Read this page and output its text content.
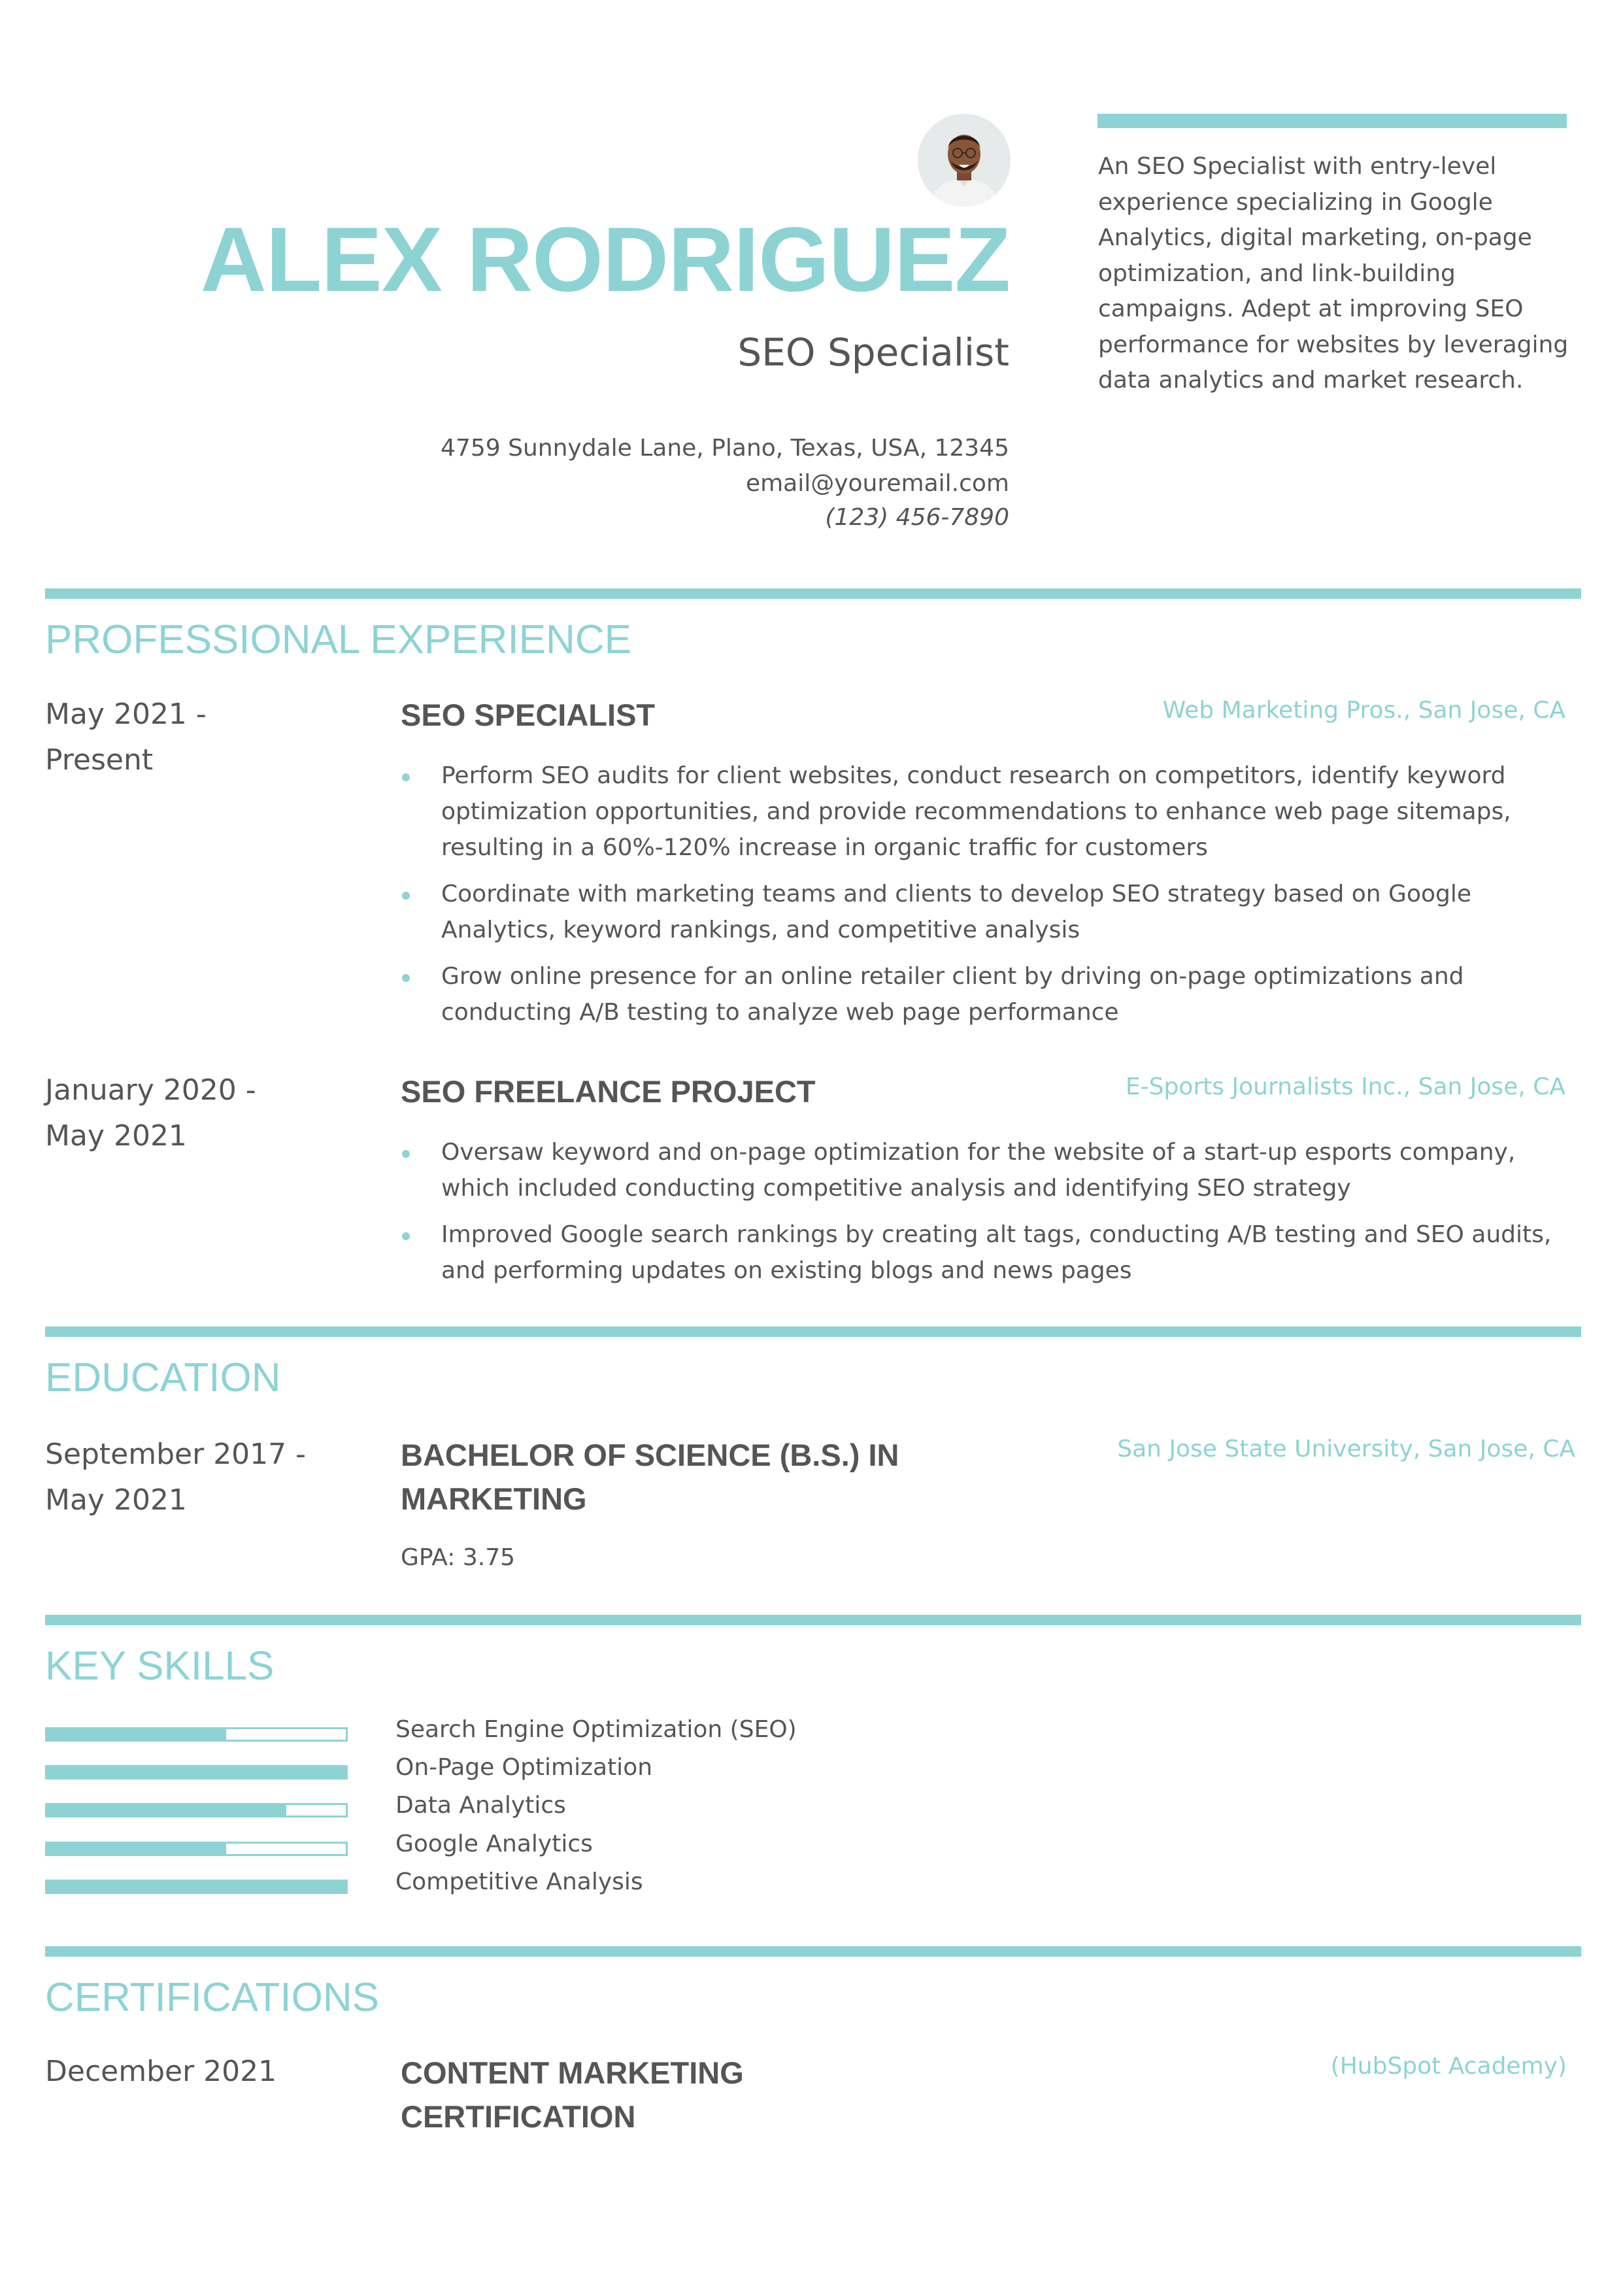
ALEX RODRIGUEZ
SEO Specialist
4759 Sunnydale Lane, Plano, Texas, USA, 12345
email@youremail.com
(123) 456-7890
An SEO Specialist with entry-level experience specializing in Google Analytics, digital marketing, on-page optimization, and link-building campaigns. Adept at improving SEO performance for websites by leveraging data analytics and market research.
PROFESSIONAL EXPERIENCE
May 2021 - Present
SEO SPECIALIST	Web Marketing Pros., San Jose, CA
Perform SEO audits for client websites, conduct research on competitors, identify keyword optimization opportunities, and provide recommendations to enhance web page sitemaps, resulting in a 60%-120% increase in organic traffic for customers
Coordinate with marketing teams and clients to develop SEO strategy based on Google Analytics, keyword rankings, and competitive analysis
Grow online presence for an online retailer client by driving on-page optimizations and conducting A/B testing to analyze web page performance
January 2020 - May 2021
SEO FREELANCE PROJECT	E-Sports Journalists Inc., San Jose, CA
Oversaw keyword and on-page optimization for the website of a start-up esports company, which included conducting competitive analysis and identifying SEO strategy
Improved Google search rankings by creating alt tags, conducting A/B testing and SEO audits, and performing updates on existing blogs and news pages
EDUCATION
September 2017 - May 2021
BACHELOR OF SCIENCE (B.S.) IN MARKETING
San Jose State University, San Jose, CA
GPA: 3.75
KEY SKILLS
Search Engine Optimization (SEO)
On-Page Optimization
Data Analytics
Google Analytics
Competitive Analysis
CERTIFICATIONS
December 2021	CONTENT MARKETING CERTIFICATION
(HubSpot Academy)
